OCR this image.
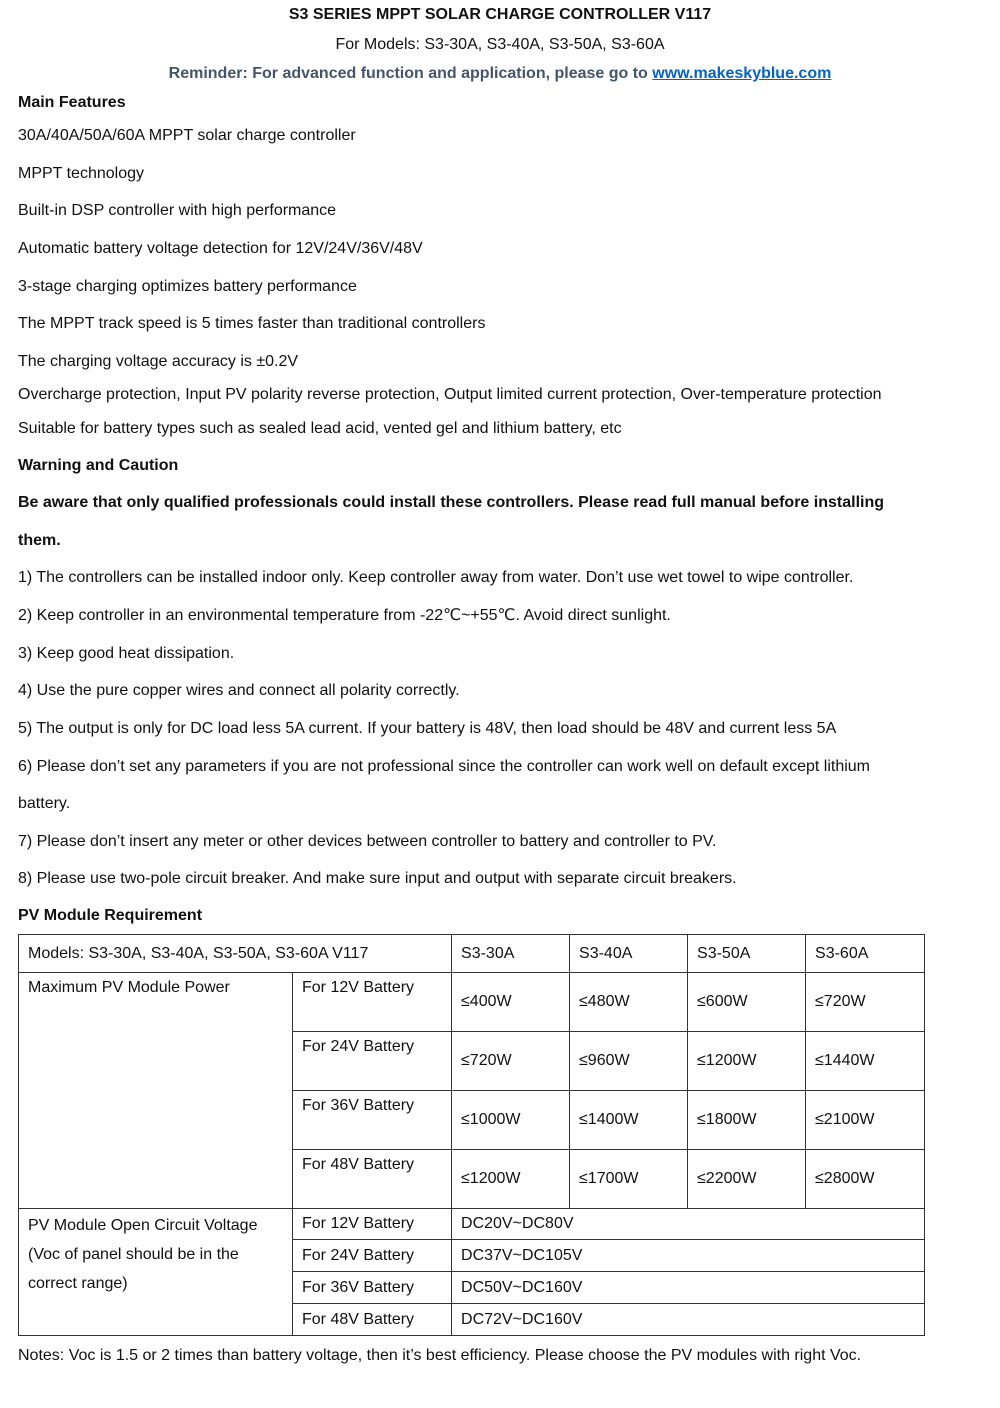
S3 SERIES MPPT SOLAR CHARGE CONTROLLER V117
For Models: S3-30A, S3-40A, S3-50A, S3-60A
Reminder: For advanced function and application, please go to www.makeskyblue.com
Main Features
30A/40A/50A/60A MPPT solar charge controller
MPPT technology
Built-in DSP controller with high performance
Automatic battery voltage detection for 12V/24V/36V/48V
3-stage charging optimizes battery performance
The MPPT track speed is 5 times faster than traditional controllers
The charging voltage accuracy is ±0.2V
Overcharge protection, Input PV polarity reverse protection, Output limited current protection, Over-temperature protection
Suitable for battery types such as sealed lead acid, vented gel and lithium battery, etc
Warning and Caution
Be aware that only qualified professionals could install these controllers. Please read full manual before installing
them.
1) The controllers can be installed indoor only. Keep controller away from water. Don’t use wet towel to wipe controller.
2) Keep controller in an environmental temperature from -22℃~+55℃. Avoid direct sunlight.
3) Keep good heat dissipation.
4) Use the pure copper wires and connect all polarity correctly.
5) The output is only for DC load less 5A current. If your battery is 48V, then load should be 48V and current less 5A
6) Please don’t set any parameters if you are not professional since the controller can work well on default except lithium
battery.
7) Please don’t insert any meter or other devices between controller to battery and controller to PV.
8) Please use two-pole circuit breaker. And make sure input and output with separate circuit breakers.
PV Module Requirement
Models: S3-30A, S3-40A, S3-50A, S3-60A V117		S3-30A	S3-40A	S3-50A	S3-60A
Maximum PV Module Power	For 12V Battery	≤400W	≤480W	≤600W	≤720W
	For 24V Battery	≤720W	≤960W	≤1200W	≤1440W
	For 36V Battery	≤1000W	≤1400W	≤1800W	≤2100W
	For 48V Battery	≤1200W	≤1700W	≤2200W	≤2800W
PV Module Open Circuit Voltage (Voc of panel should be in the correct range)	For 12V Battery	DC20V~DC80V			
	For 24V Battery	DC37V~DC105V			
	For 36V Battery	DC50V~DC160V			
	For 48V Battery	DC72V~DC160V			
Notes: Voc is 1.5 or 2 times than battery voltage, then it’s best efficiency. Please choose the PV modules with right Voc.
